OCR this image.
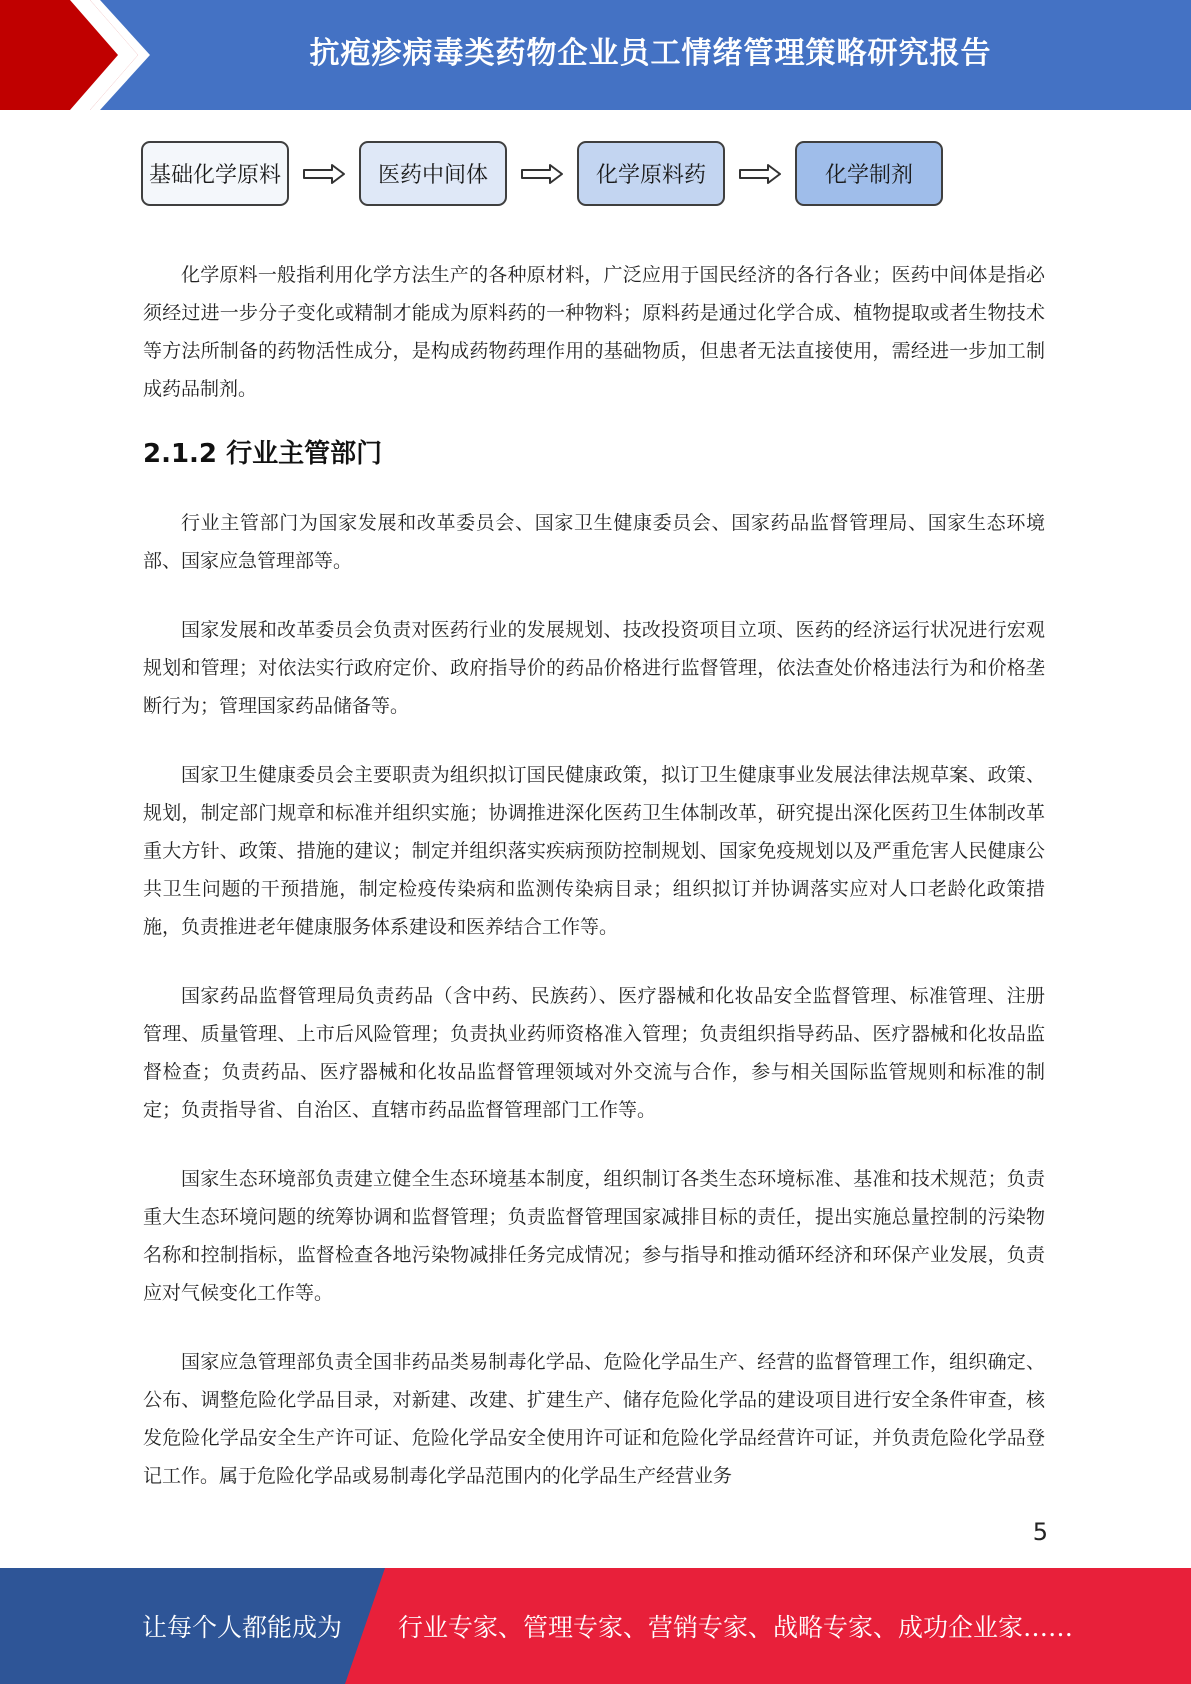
抗疱疹病毒类药物企业员工情绪管理策略研究报告
基础化学原料	医药中间体	化学原料药	化学制剂

化学原料一般指利用化学方法生产的各种原材料，广泛应用于国民经济的各行各业；医药中间体是指必须经过进一步分子变化或精制才能成为原料药的一种物料；原料药是通过化学合成、植物提取或者生物技术等方法所制备的药物活性成分，是构成药物药理作用的基础物质，但患者无法直接使用，需经进一步加工制成药品制剂。

2.1.2 行业主管部门

行业主管部门为国家发展和改革委员会、国家卫生健康委员会、国家药品监督管理局、国家生态环境部、国家应急管理部等。

国家发展和改革委员会负责对医药行业的发展规划、技改投资项目立项、医药的经济运行状况进行宏观规划和管理；对依法实行政府定价、政府指导价的药品价格进行监督管理，依法查处价格违法行为和价格垄断行为；管理国家药品储备等。

国家卫生健康委员会主要职责为组织拟订国民健康政策，拟订卫生健康事业发展法律法规草案、政策、规划，制定部门规章和标准并组织实施；协调推进深化医药卫生体制改革，研究提出深化医药卫生体制改革重大方针、政策、措施的建议；制定并组织落实疾病预防控制规划、国家免疫规划以及严重危害人民健康公共卫生问题的干预措施，制定检疫传染病和监测传染病目录；组织拟订并协调落实应对人口老龄化政策措施，负责推进老年健康服务体系建设和医养结合工作等。

国家药品监督管理局负责药品（含中药、民族药）、医疗器械和化妆品安全监督管理、标准管理、注册管理、质量管理、上市后风险管理；负责执业药师资格准入管理；负责组织指导药品、医疗器械和化妆品监督检查；负责药品、医疗器械和化妆品监督管理领域对外交流与合作，参与相关国际监管规则和标准的制定；负责指导省、自治区、直辖市药品监督管理部门工作等。

国家生态环境部负责建立健全生态环境基本制度，组织制订各类生态环境标准、基准和技术规范；负责重大生态环境问题的统筹协调和监督管理；负责监督管理国家减排目标的责任，提出实施总量控制的污染物名称和控制指标，监督检查各地污染物减排任务完成情况；参与指导和推动循环经济和环保产业发展，负责应对气候变化工作等。

国家应急管理部负责全国非药品类易制毒化学品、危险化学品生产、经营的监督管理工作，组织确定、公布、调整危险化学品目录，对新建、改建、扩建生产、储存危险化学品的建设项目进行安全条件审查，核发危险化学品安全生产许可证、危险化学品安全使用许可证和危险化学品经营许可证，并负责危险化学品登记工作。属于危险化学品或易制毒化学品范围内的化学品生产经营业务

5
让每个人都能成为 行业专家、管理专家、营销专家、战略专家、成功企业家……
